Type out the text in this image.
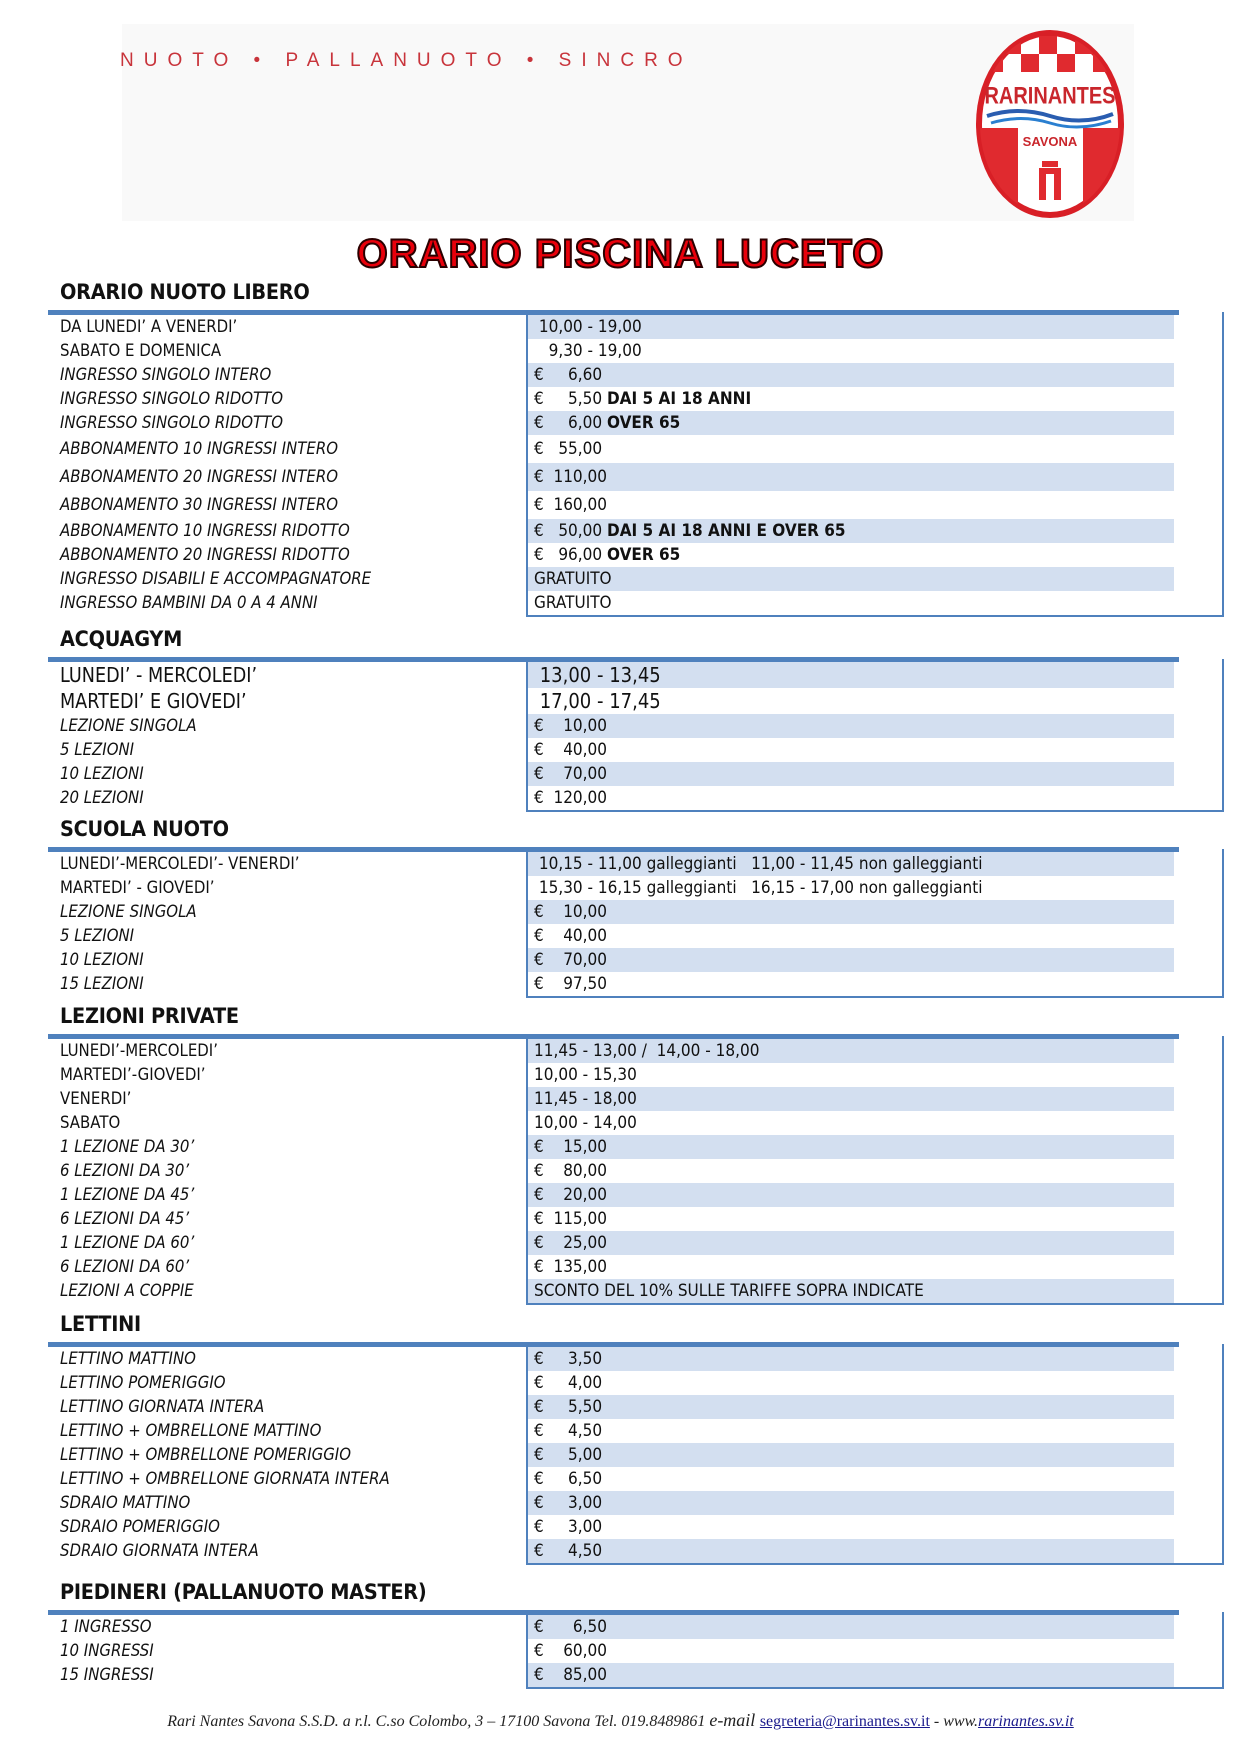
NUOTO • PALLANUOTO • SINCRO
RARINANTES
SAVONA
ORARIO PISCINA LUCETO
ORARIO NUOTO LIBERO
DA LUNEDI’ A VENERDI’	10,00 - 19,00
SABATO E DOMENICA	9,30 - 19,00
INGRESSO SINGOLO INTERO	€     6,60
INGRESSO SINGOLO RIDOTTO	€     5,50 DAI 5 AI 18 ANNI
INGRESSO SINGOLO RIDOTTO	€     6,00 OVER 65
ABBONAMENTO 10 INGRESSI INTERO	€   55,00
ABBONAMENTO 20 INGRESSI INTERO	€  110,00
ABBONAMENTO 30 INGRESSI INTERO	€  160,00
ABBONAMENTO 10 INGRESSI RIDOTTO	€   50,00 DAI 5 AI 18 ANNI E OVER 65
ABBONAMENTO 20 INGRESSI RIDOTTO	€   96,00 OVER 65
INGRESSO DISABILI E ACCOMPAGNATORE	GRATUITO
INGRESSO BAMBINI DA 0 A 4 ANNI	GRATUITO
ACQUAGYM
LUNEDI’ - MERCOLEDI’	13,00 - 13,45
MARTEDI’ E GIOVEDI’	17,00 - 17,45
LEZIONE SINGOLA	€    10,00
5 LEZIONI	€    40,00
10 LEZIONI	€    70,00
20 LEZIONI	€  120,00
SCUOLA NUOTO
LUNEDI’-MERCOLEDI’- VENERDI’	10,15 - 11,00 galleggianti   11,00 - 11,45 non galleggianti
MARTEDI’ - GIOVEDI’	15,30 - 16,15 galleggianti   16,15 - 17,00 non galleggianti
LEZIONE SINGOLA	€    10,00
5 LEZIONI	€    40,00
10 LEZIONI	€    70,00
15 LEZIONI	€    97,50
LEZIONI PRIVATE
LUNEDI’-MERCOLEDI’	11,45 - 13,00 /  14,00 - 18,00
MARTEDI’-GIOVEDI’	10,00 - 15,30
VENERDI’	11,45 - 18,00
SABATO	10,00 - 14,00
1 LEZIONE DA 30’	€    15,00
6 LEZIONI DA 30’	€    80,00
1 LEZIONE DA 45’	€    20,00
6 LEZIONI DA 45’	€  115,00
1 LEZIONE DA 60’	€    25,00
6 LEZIONI DA 60’	€  135,00
LEZIONI A COPPIE	SCONTO DEL 10% SULLE TARIFFE SOPRA INDICATE
LETTINI
LETTINO MATTINO	€     3,50
LETTINO POMERIGGIO	€     4,00
LETTINO GIORNATA INTERA	€     5,50
LETTINO + OMBRELLONE MATTINO	€     4,50
LETTINO + OMBRELLONE POMERIGGIO	€     5,00
LETTINO + OMBRELLONE GIORNATA INTERA	€     6,50
SDRAIO MATTINO	€     3,00
SDRAIO POMERIGGIO	€     3,00
SDRAIO GIORNATA INTERA	€     4,50
PIEDINERI (PALLANUOTO MASTER)
1 INGRESSO	€      6,50
10 INGRESSI	€    60,00
15 INGRESSI	€    85,00
Rari Nantes Savona S.S.D. a r.l. C.so Colombo, 3 – 17100 Savona Tel. 019.8489861 e-mail segreteria@rarinantes.sv.it - www.rarinantes.sv.it
